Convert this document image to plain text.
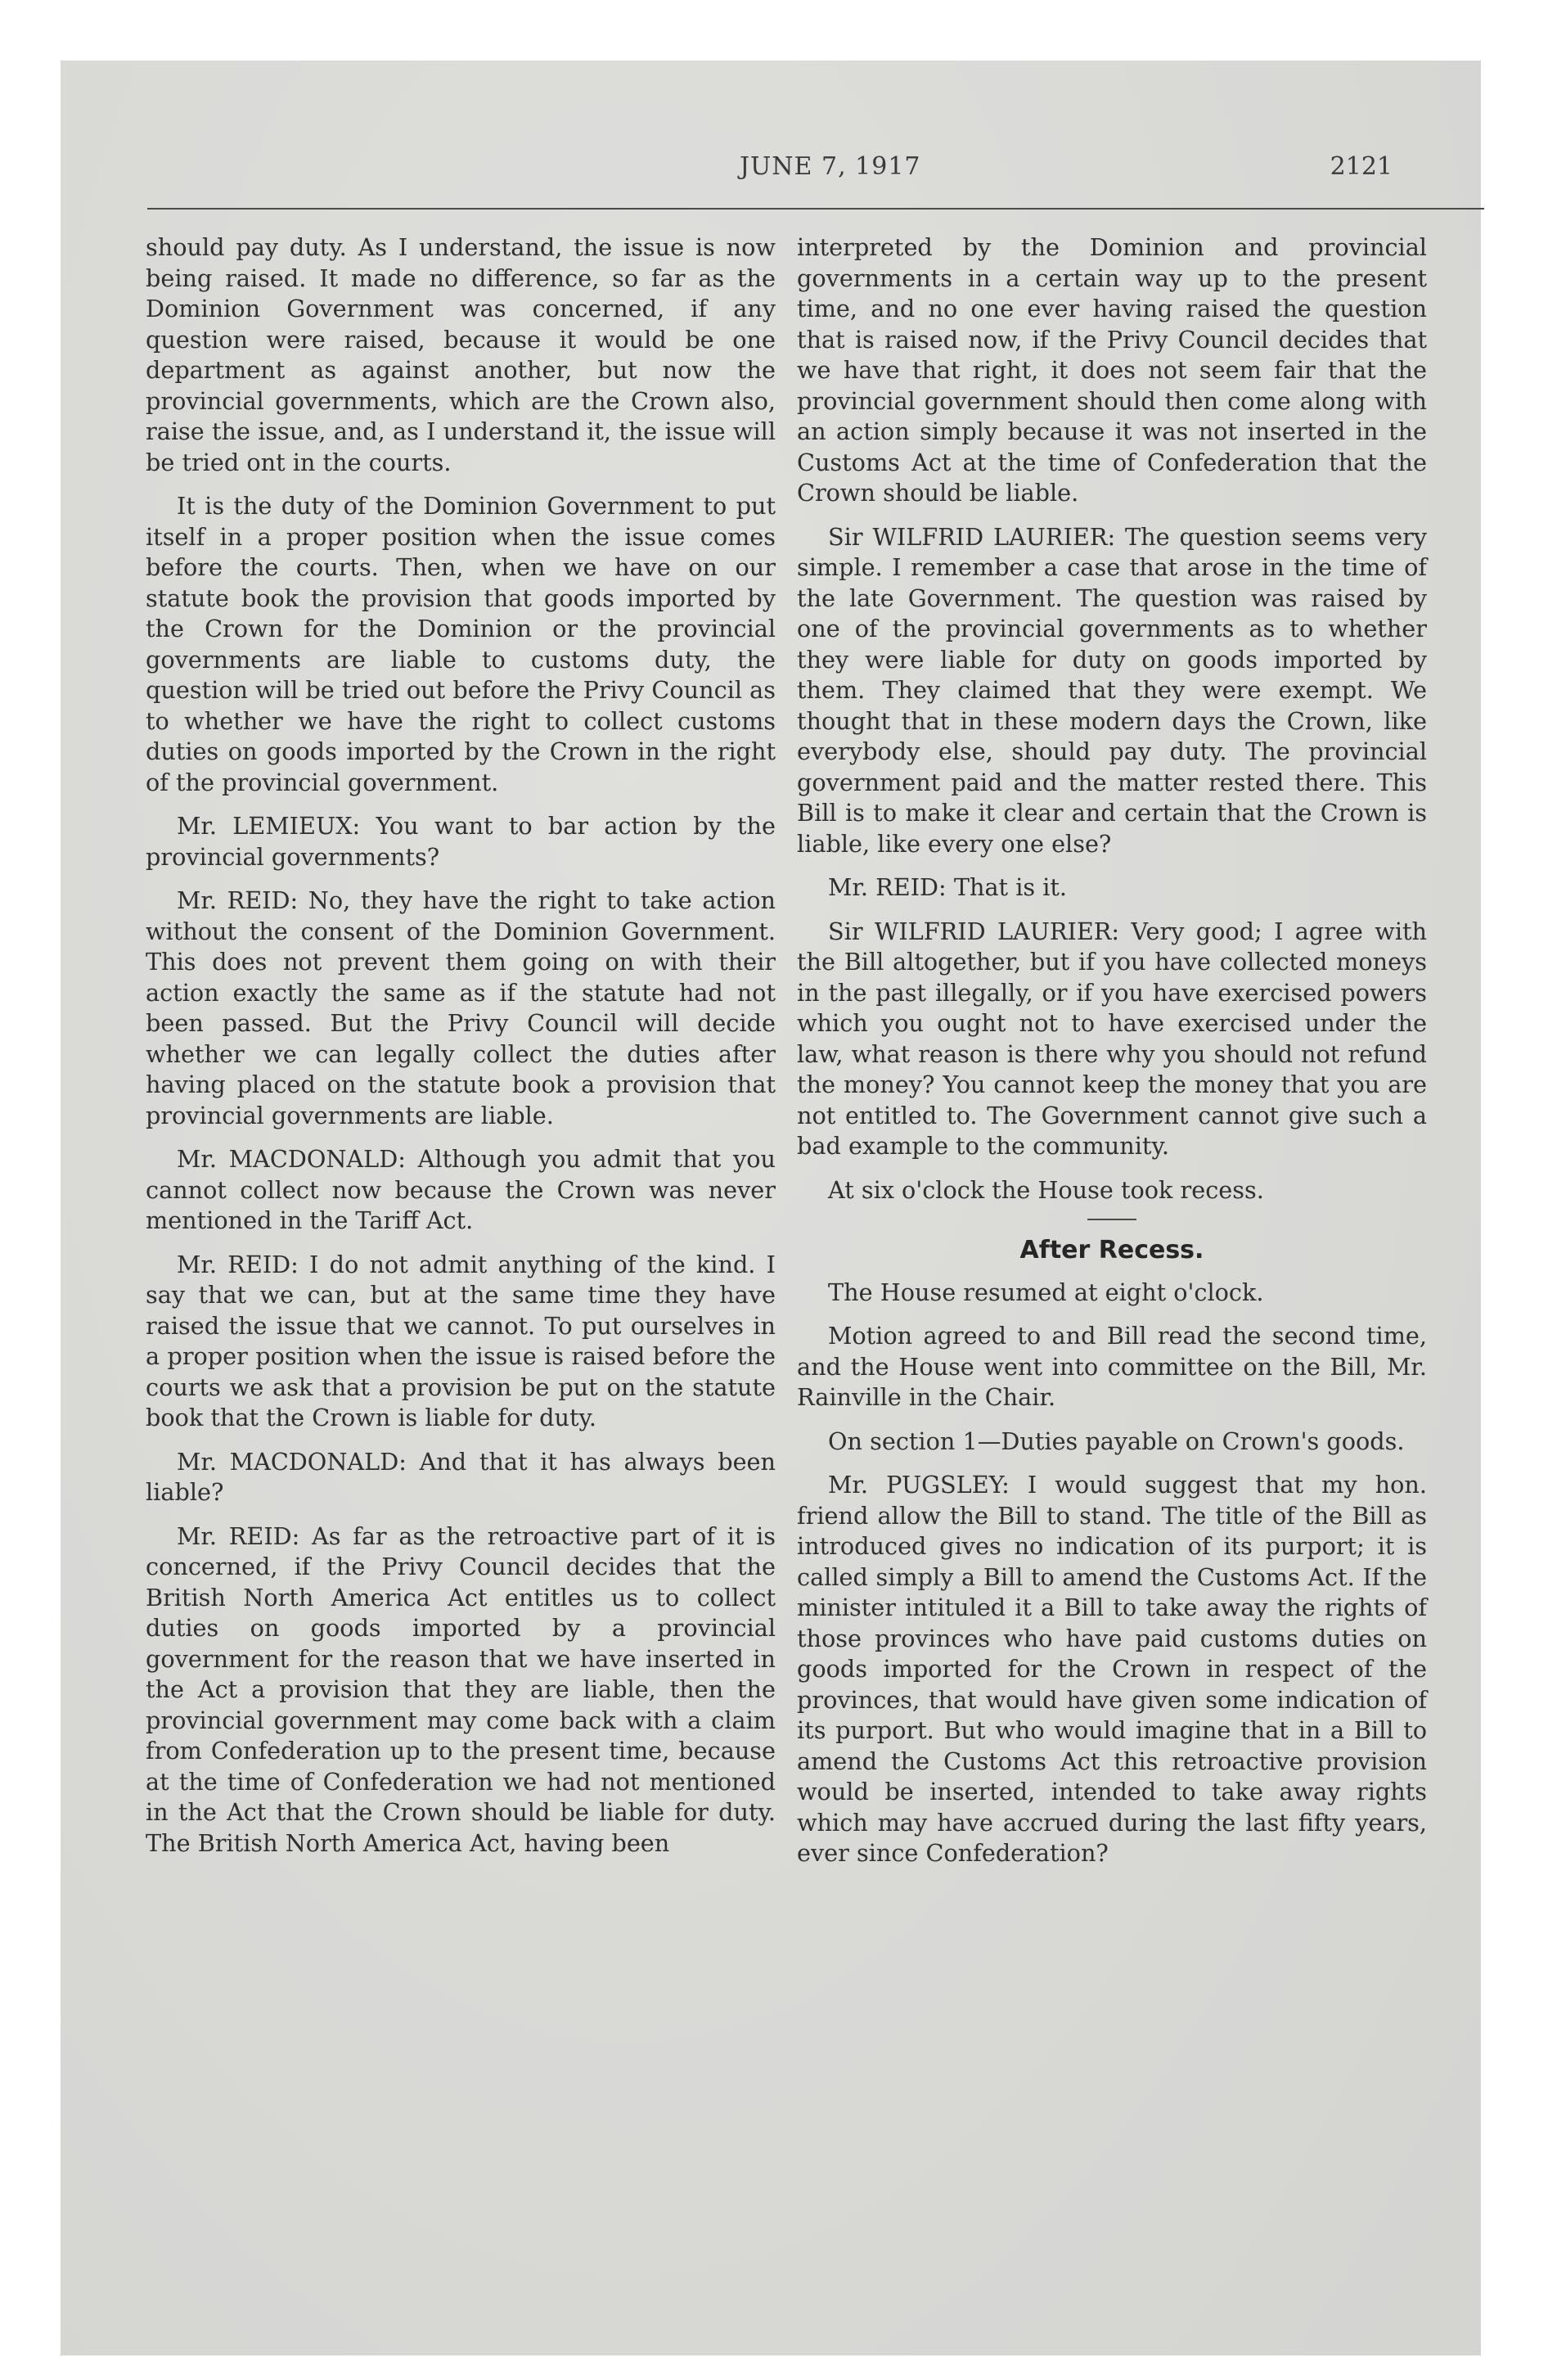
JUNE 7, 1917	2121

should pay duty. As I understand, the issue is now being raised. It made no difference, so far as the Dominion Government was concerned, if any question were raised, because it would be one department as against another, but now the provincial governments, which are the Crown also, raise the issue, and, as I understand it, the issue will be tried ont in the courts.

It is the duty of the Dominion Government to put itself in a proper position when the issue comes before the courts. Then, when we have on our statute book the provision that goods imported by the Crown for the Dominion or the provincial governments are liable to customs duty, the question will be tried out before the Privy Council as to whether we have the right to collect customs duties on goods imported by the Crown in the right of the provincial government.

Mr. LEMIEUX: You want to bar action by the provincial governments?

Mr. REID: No, they have the right to take action without the consent of the Dominion Government. This does not prevent them going on with their action exactly the same as if the statute had not been passed. But the Privy Council will decide whether we can legally collect the duties after having placed on the statute book a provision that provincial governments are liable.

Mr. MACDONALD: Although you admit that you cannot collect now because the Crown was never mentioned in the Tariff Act.

Mr. REID: I do not admit anything of the kind. I say that we can, but at the same time they have raised the issue that we cannot. To put ourselves in a proper position when the issue is raised before the courts we ask that a provision be put on the statute book that the Crown is liable for duty.

Mr. MACDONALD: And that it has always been liable?

Mr. REID: As far as the retroactive part of it is concerned, if the Privy Council decides that the British North America Act entitles us to collect duties on goods imported by a provincial government for the reason that we have inserted in the Act a provision that they are liable, then the provincial government may come back with a claim from Confederation up to the present time, because at the time of Confederation we had not mentioned in the Act that the Crown should be liable for duty. The British North America Act, having been

interpreted by the Dominion and provincial governments in a certain way up to the present time, and no one ever having raised the question that is raised now, if the Privy Council decides that we have that right, it does not seem fair that the provincial government should then come along with an action simply because it was not inserted in the Customs Act at the time of Confederation that the Crown should be liable.

Sir WILFRID LAURIER: The question seems very simple. I remember a case that arose in the time of the late Government. The question was raised by one of the provincial governments as to whether they were liable for duty on goods imported by them. They claimed that they were exempt. We thought that in these modern days the Crown, like everybody else, should pay duty. The provincial government paid and the matter rested there. This Bill is to make it clear and certain that the Crown is liable, like every one else?

Mr. REID: That is it.

Sir WILFRID LAURIER: Very good; I agree with the Bill altogether, but if you have collected moneys in the past illegally, or if you have exercised powers which you ought not to have exercised under the law, what reason is there why you should not refund the money? You cannot keep the money that you are not entitled to. The Government cannot give such a bad example to the community.

At six o'clock the House took recess.

After Recess.

The House resumed at eight o'clock.

Motion agreed to and Bill read the second time, and the House went into committee on the Bill, Mr. Rainville in the Chair.

On section 1—Duties payable on Crown's goods.

Mr. PUGSLEY: I would suggest that my hon. friend allow the Bill to stand. The title of the Bill as introduced gives no indication of its purport; it is called simply a Bill to amend the Customs Act. If the minister intituled it a Bill to take away the rights of those provinces who have paid customs duties on goods imported for the Crown in respect of the provinces, that would have given some indication of its purport. But who would imagine that in a Bill to amend the Customs Act this retroactive provision would be inserted, intended to take away rights which may have accrued during the last fifty years, ever since Confederation?
